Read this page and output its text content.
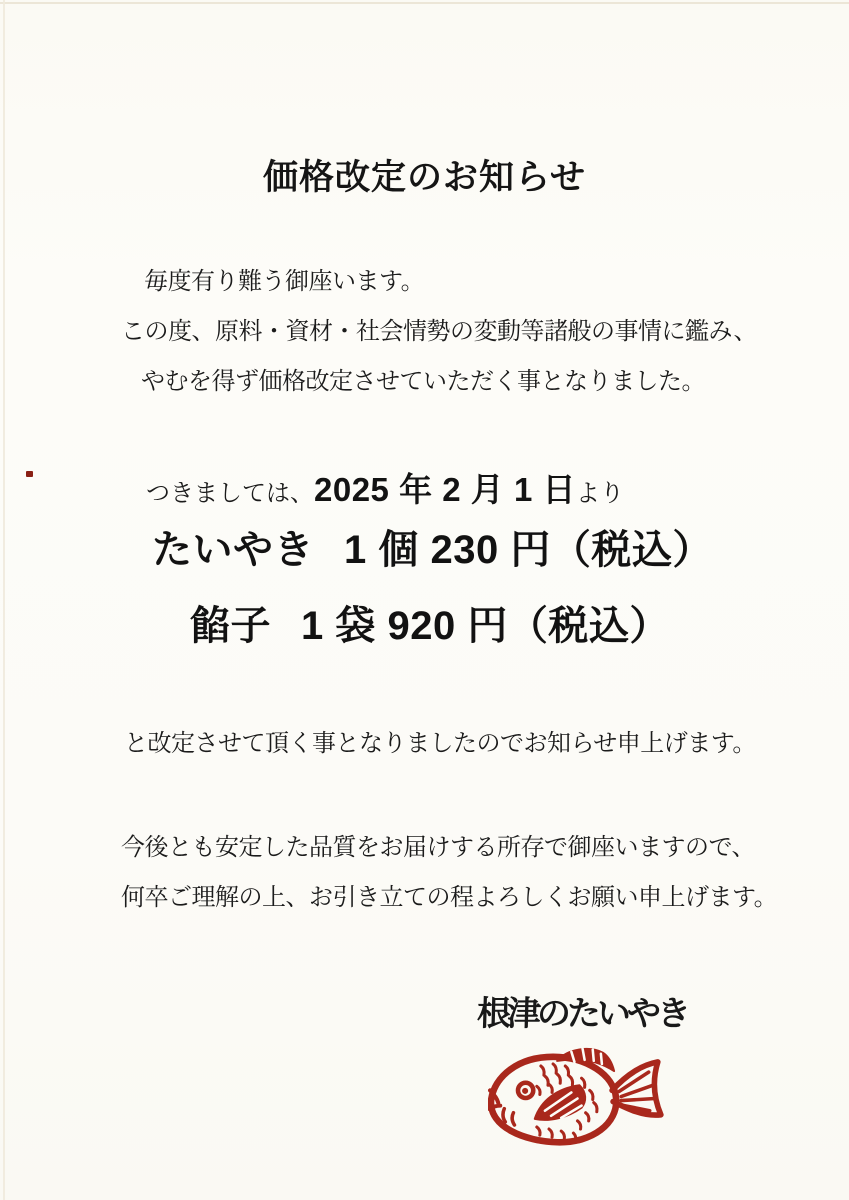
価格改定のお知らせ
毎度有り難う御座います。
この度、原料・資材・社会情勢の変動等諸般の事情に鑑み、
やむを得ず価格改定させていただく事となりました。
つきましては、2025 年 2 月 1 日より
たいやき 1 個 230 円（税込）
餡子 1 袋 920 円（税込）
と改定させて頂く事となりましたのでお知らせ申上げます。
今後とも安定した品質をお届けする所存で御座いますので、
何卒ご理解の上、お引き立ての程よろしくお願い申上げます。
根津のたいやき
